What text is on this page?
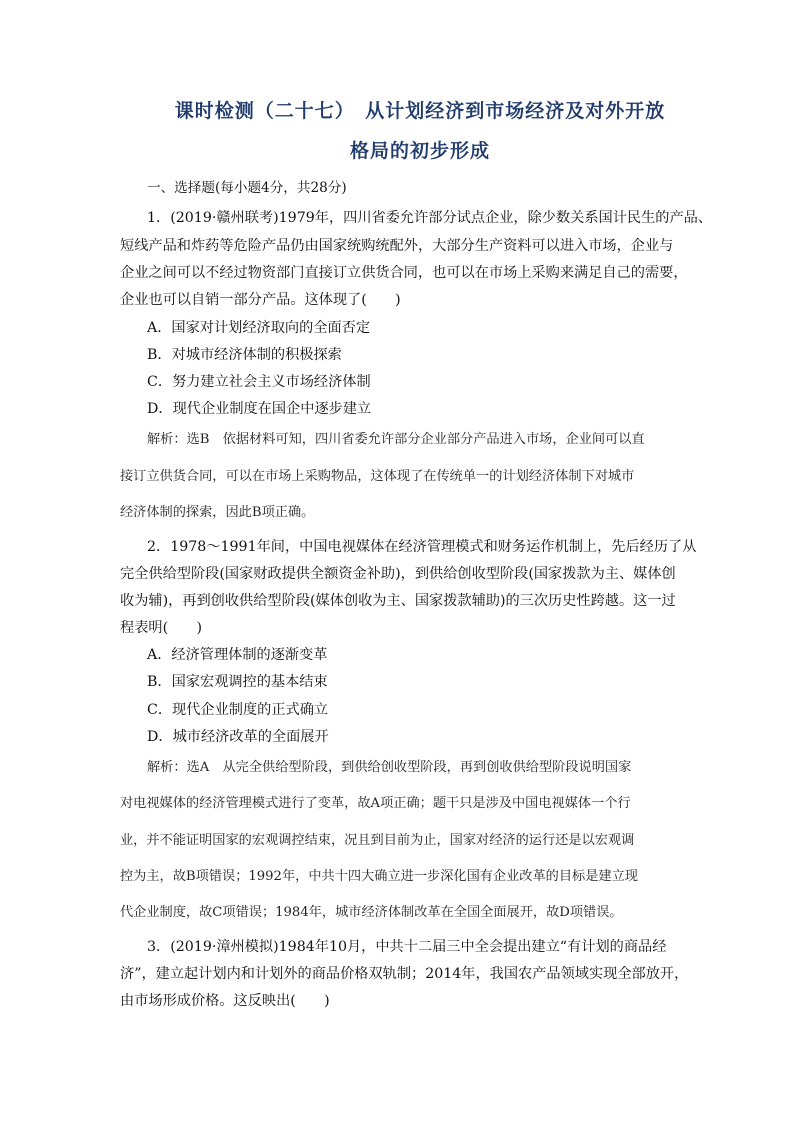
课时检测（二十七）　从计划经济到市场经济及对外开放
格局的初步形成
一、选择题(每小题4分，共28分)
1．(2019·赣州联考)1979年，四川省委允许部分试点企业，除少数关系国计民生的产品、
短线产品和炸药等危险产品仍由国家统购统配外，大部分生产资料可以进入市场，企业与
企业之间可以不经过物资部门直接订立供货合同，也可以在市场上采购来满足自己的需要，
企业也可以自销一部分产品。这体现了(　　)
A．国家对计划经济取向的全面否定
B．对城市经济体制的积极探索
C．努力建立社会主义市场经济体制
D．现代企业制度在国企中逐步建立
解析：选B　依据材料可知，四川省委允许部分企业部分产品进入市场，企业间可以直
接订立供货合同，可以在市场上采购物品，这体现了在传统单一的计划经济体制下对城市
经济体制的探索，因此B项正确。
2．1978～1991年间，中国电视媒体在经济管理模式和财务运作机制上，先后经历了从
完全供给型阶段(国家财政提供全额资金补助)，到供给创收型阶段(国家拨款为主、媒体创
收为辅)，再到创收供给型阶段(媒体创收为主、国家拨款辅助)的三次历史性跨越。这一过
程表明(　　)
A．经济管理体制的逐渐变革
B．国家宏观调控的基本结束
C．现代企业制度的正式确立
D．城市经济改革的全面展开
解析：选A　从完全供给型阶段，到供给创收型阶段，再到创收供给型阶段说明国家
对电视媒体的经济管理模式进行了变革，故A项正确；题干只是涉及中国电视媒体一个行
业，并不能证明国家的宏观调控结束，况且到目前为止，国家对经济的运行还是以宏观调
控为主，故B项错误；1992年，中共十四大确立进一步深化国有企业改革的目标是建立现
代企业制度，故C项错误；1984年，城市经济体制改革在全国全面展开，故D项错误。
3．(2019·漳州模拟)1984年10月，中共十二届三中全会提出建立“有计划的商品经
济”，建立起计划内和计划外的商品价格双轨制；2014年，我国农产品领域实现全部放开，
由市场形成价格。这反映出(　　)
